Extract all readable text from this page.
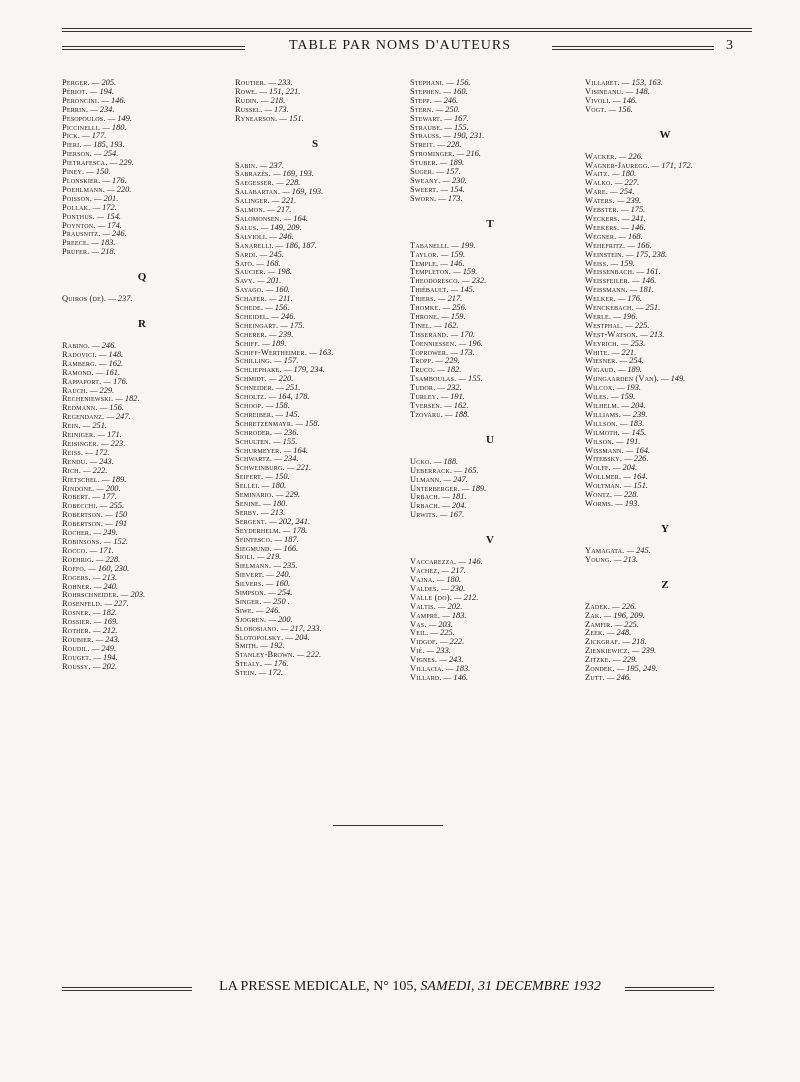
TABLE PAR NOMS D'AUTEURS	3
Perger. — 205.
Périot. — 194.
Peroncini. — 146.
Perrin. — 234.
Pesopoulos. — 149.
Piccinelli. — 180.
Pick. — 177.
Pieri. — 185, 193.
Pierson. — 254.
Pietrafesca. — 229.
Piney. — 150.
Plonskier. — 176.
Poehlmann. — 220.
Poisson. — 201.
Pollak. — 172.
Ponthus. — 154.
Poynton. — 174.
Prausnitz. — 246.
Preece. — 183.
Prufer. — 218.
Q
Quiros (de). — 237.
R
Rabino. — 246.
Radovici. — 148.
Ramberg. — 162.
Ramond. — 161.
Rappaport. — 176.
Rauch. — 229.
Recheniewski. — 182.
Redmann. — 156.
Regendanz. — 247.
Rein. — 251.
Reiniger. — 171.
Reisinger. — 223.
Reiss. — 172.
Rendu. — 243.
Rich. — 222.
Rietschel. — 189.
Rindone. — 200.
Robert. — 177.
Robecchi. — 255.
Robertson. — 150
Robertson. — 191
Rocher. — 249.
Robinsons. — 152.
Rocco. — 171.
Roehrig. — 228.
Roffo. — 160, 230.
Rogers. — 213.
Rohner. — 240.
Rohrschneider. — 203.
Rosenfeld. — 227.
Rosner. — 182.
Rossier. — 169.
Rother. — 212.
Roubier. — 243.
Roudil. — 249.
Rouget. — 194.
Roussy. — 202.
Routier. — 233.
Rowe. — 151, 221.
Rudin. — 218.
Russel. — 173.
Rynearson. — 151.
S
Sabin. — 237.
Sabrazès. — 169, 193.
Saegesser. — 228.
Salabartan. — 169, 193.
Salinger. — 221.
Salmon. — 217.
Salomonsen. — 164.
Salus. — 149, 209.
Salvioli. — 246.
Sanarelli. — 186, 187.
Sardi. — 245.
Sato. — 168.
Saucier. — 198.
Savy. — 201.
Sayago. — 160.
Schafer. — 211.
Schede. — 156.
Scheidel. — 246.
Scheingart. — 175.
Scherer. — 239.
Schiff. — 189.
Schiff-Wertheimer. — 163.
Schilling. — 157.
Schliephake. — 179, 234.
Schmidt. — 220.
Schneider. — 251.
Scholtz. — 164, 178.
Schoop. — 158.
Schreiber. — 145.
Schretzenmayr. — 158.
Schroder. — 236.
Schulten. — 155.
Schurmeyer. — 164.
Schwartz. — 234.
Schweinburg. — 221.
Seifert. — 150.
Sellei. — 180.
Seminario. — 229.
Senine. — 180.
Serby. — 213.
Sergent. — 202, 241.
Seyderhelm. — 178.
Sfintesco. — 187.
Siegmund. — 166.
Sioli. — 219.
Sielmann. — 235.
Sievert. — 240.
Silvers. — 160.
Simpson. — 254.
Singer. — 250 .
Siwe. — 246.
Sjogren. — 200.
Slobosiano. — 217, 233.
Slotopolsky. — 204.
Smith. — 192.
Stanley-Brown. — 222.
Stealy. — 176.
Stein. — 172.
Stephani. — 156.
Stephen. — 160.
Stepp. — 246.
Stern. — 250.
Stewart. — 167.
Straube. — 155.
Strauss. — 190, 231.
Streit. — 228.
Strominger. — 216.
Stuber. — 189.
Suger. — 157.
Sweany. — 230.
Sweert. — 154.
Sworn. — 173.
T
Tabanelli. — 199.
Taylor. — 159.
Temple. — 146.
Templeton. — 159.
Theodoresco. — 232.
Thiébault. — 145.
Thiers. — 217.
Thomke. — 256.
Throne. — 159.
Tinel. — 162.
Tisserand. — 170.
Toenniessen. — 196.
Toprower. — 173.
Tropp. — 229.
Truco. — 182.
Tsamboulas. — 155.
Tudor. — 232.
Turley. — 191.
Tversen. — 162.
Tzovaru. — 188.
U
Ucko. — 188.
Ueberrack. — 165.
Ulmann. — 247.
Unterberger. — 189.
Urbach. — 181.
Urbach. — 204.
Urwits. — 167.
V
Vaccarezza. — 146.
Vachez, — 217.
Vajna. — 180.
Valdes. — 230.
Valle (do). — 212.
Valtis. — 202.
Vampré. — 183.
Vas. — 203.
Veil. — 225.
Vidgof. — 222.
Vié. — 233.
Vignes. — 243.
Villacia. — 183.
Villard. — 146.
Villaret. — 153, 163.
Visineanu. — 148.
Vivoli. — 146.
Vogt. — 156.
W
Wacker. — 226.
Wagner-Jauregg. — 171, 172.
Waitz. — 180.
Walko. — 227.
Ware. — 254.
Waters. — 239.
Webster. — 175.
Weckers. — 241.
Weekers. — 146.
Wegner. — 168.
Wehefritz. — 166.
Weinstein. — 175, 238.
Weiss. — 159.
Weissenbach. — 161.
Weissfeiler. — 146.
Weissmann. — 181.
Welker. — 176.
Wenckebach. — 251.
Werle. — 196.
Westphal. — 225.
West-Watson. — 213.
Weyrich. — 253.
White. — 221.
Wiesner. — 254.
Wigaud. — 189.
Wijngaarden (Van). — 149.
Wilcox. — 193.
Wiles. — 159.
Wilhelm. — 204.
Williams. — 239.
Willson. — 183.
Wilmoth. — 145.
Wilson. — 191.
Wissmann. — 164.
Witebsky. — 226.
Wolff. — 204.
Wollmer. — 164.
Woltman. — 151.
Wontz. — 228.
Worms. — 193.
Y
Yamagata. — 245.
Young. — 213.
Z
Zadek. — 226.
Zak. — 196, 209.
Zamfir. — 225.
Zeek. — 248.
Zickgraf. — 218.
Zienkiewicz. — 239.
Zitzke. — 229.
Zondek. — 195, 249.
Zutt. — 246.
LA PRESSE MEDICALE, N° 105, SAMEDI, 31 DECEMBRE 1932
